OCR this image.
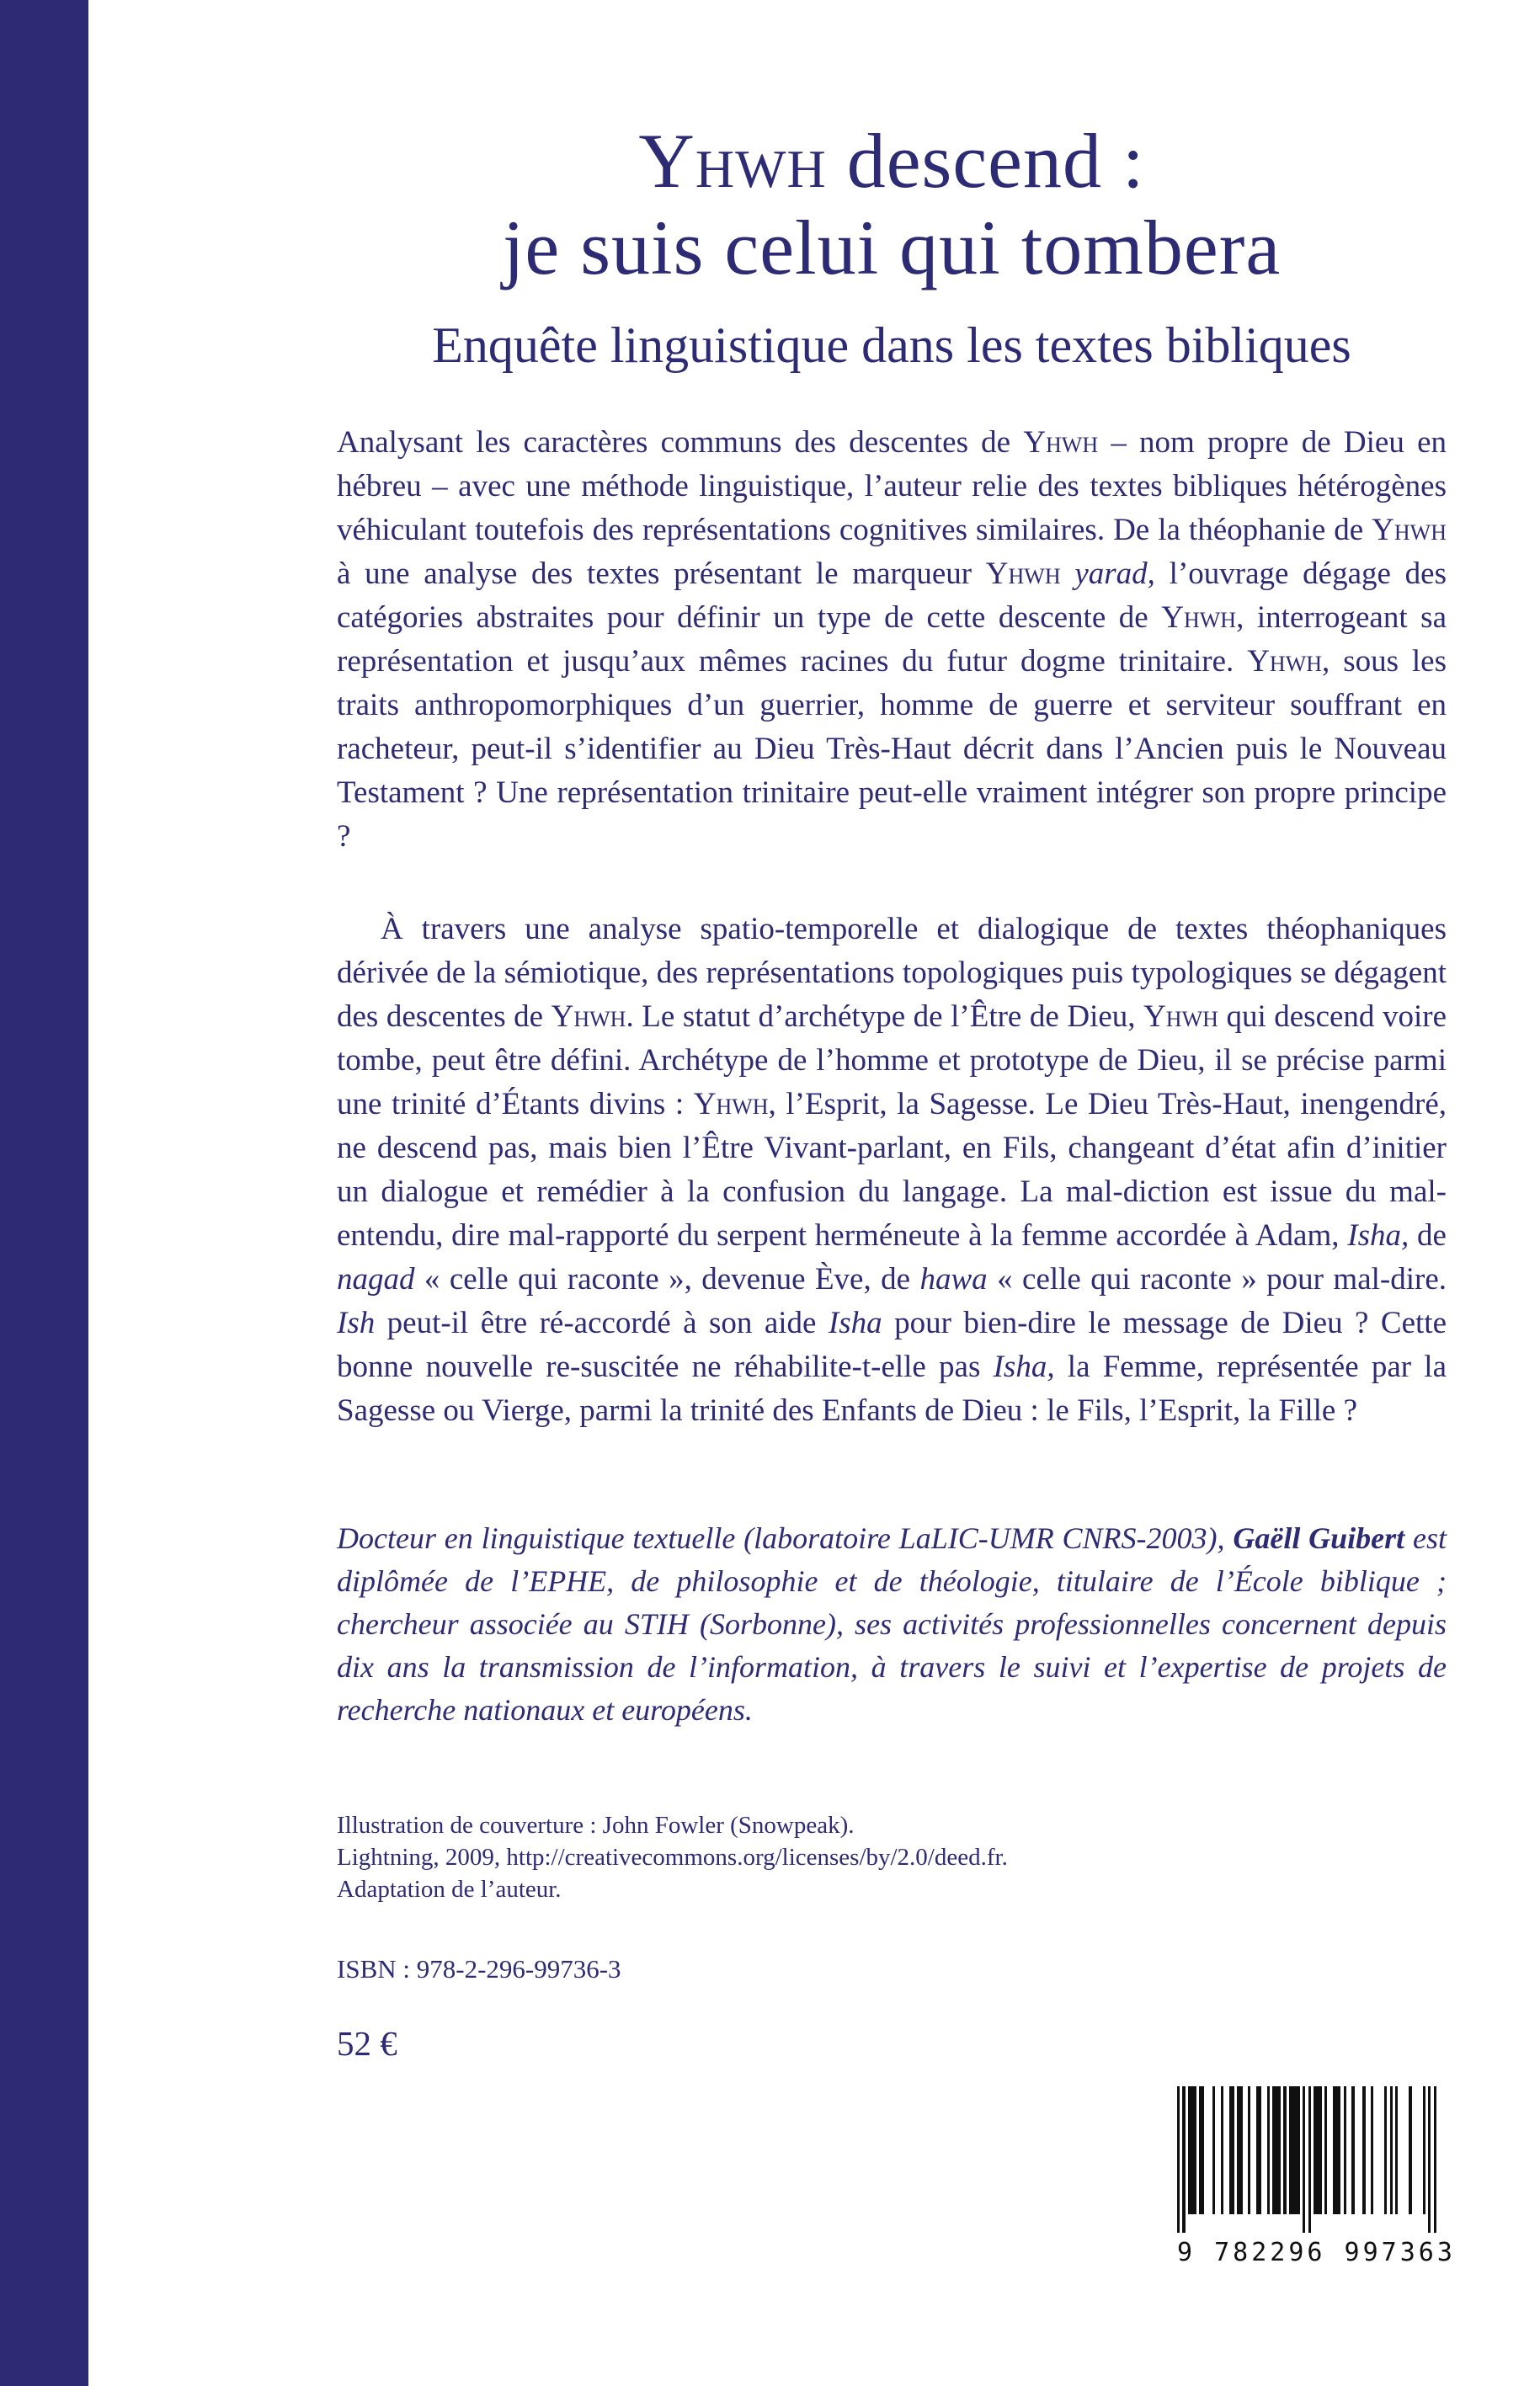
Yhwh descend :
je suis celui qui tombera
Enquête linguistique dans les textes bibliques

Analysant les caractères communs des descentes de Yhwh – nom propre de Dieu en hébreu – avec une méthode linguistique, l’auteur relie des textes bibliques hétérogènes véhiculant toutefois des représentations cognitives similaires. De la théophanie de Yhwh à une analyse des textes présentant le marqueur Yhwh yarad, l’ouvrage dégage des catégories abstraites pour définir un type de cette descente de Yhwh, interrogeant sa représentation et jusqu’aux mêmes racines du futur dogme trinitaire. Yhwh, sous les traits anthropomorphiques d’un guerrier, homme de guerre et serviteur souffrant en racheteur, peut-il s’identifier au Dieu Très-Haut décrit dans l’Ancien puis le Nouveau Testament ? Une représentation trinitaire peut-elle vraiment intégrer son propre principe ?

À travers une analyse spatio-temporelle et dialogique de textes théophaniques dérivée de la sémiotique, des représentations topologiques puis typologiques se dégagent des descentes de Yhwh. Le statut d’archétype de l’Être de Dieu, Yhwh qui descend voire tombe, peut être défini. Archétype de l’homme et prototype de Dieu, il se précise parmi une trinité d’Étants divins : Yhwh, l’Esprit, la Sagesse. Le Dieu Très-Haut, inengendré, ne descend pas, mais bien l’Être Vivant-parlant, en Fils, changeant d’état afin d’initier un dialogue et remédier à la confusion du langage. La mal-diction est issue du mal-entendu, dire mal-rapporté du serpent herméneute à la femme accordée à Adam, Isha, de nagad « celle qui raconte », devenue Ève, de hawa « celle qui raconte » pour mal-dire. Ish peut-il être ré-accordé à son aide Isha pour bien-dire le message de Dieu ? Cette bonne nouvelle re-suscitée ne réhabilite-t-elle pas Isha, la Femme, représentée par la Sagesse ou Vierge, parmi la trinité des Enfants de Dieu : le Fils, l’Esprit, la Fille ?

Docteur en linguistique textuelle (laboratoire LaLIC-UMR CNRS-2003), Gaëll Guibert est diplômée de l’EPHE, de philosophie et de théologie, titulaire de l’École biblique ; chercheur associée au STIH (Sorbonne), ses activités professionnelles concernent depuis dix ans la transmission de l’information, à travers le suivi et l’expertise de projets de recherche nationaux et européens.

Illustration de couverture : John Fowler (Snowpeak).
Lightning, 2009, http://creativecommons.org/licenses/by/2.0/deed.fr.
Adaptation de l’auteur.
ISBN : 978-2-296-99736-3
52 €
9 782296 997363
